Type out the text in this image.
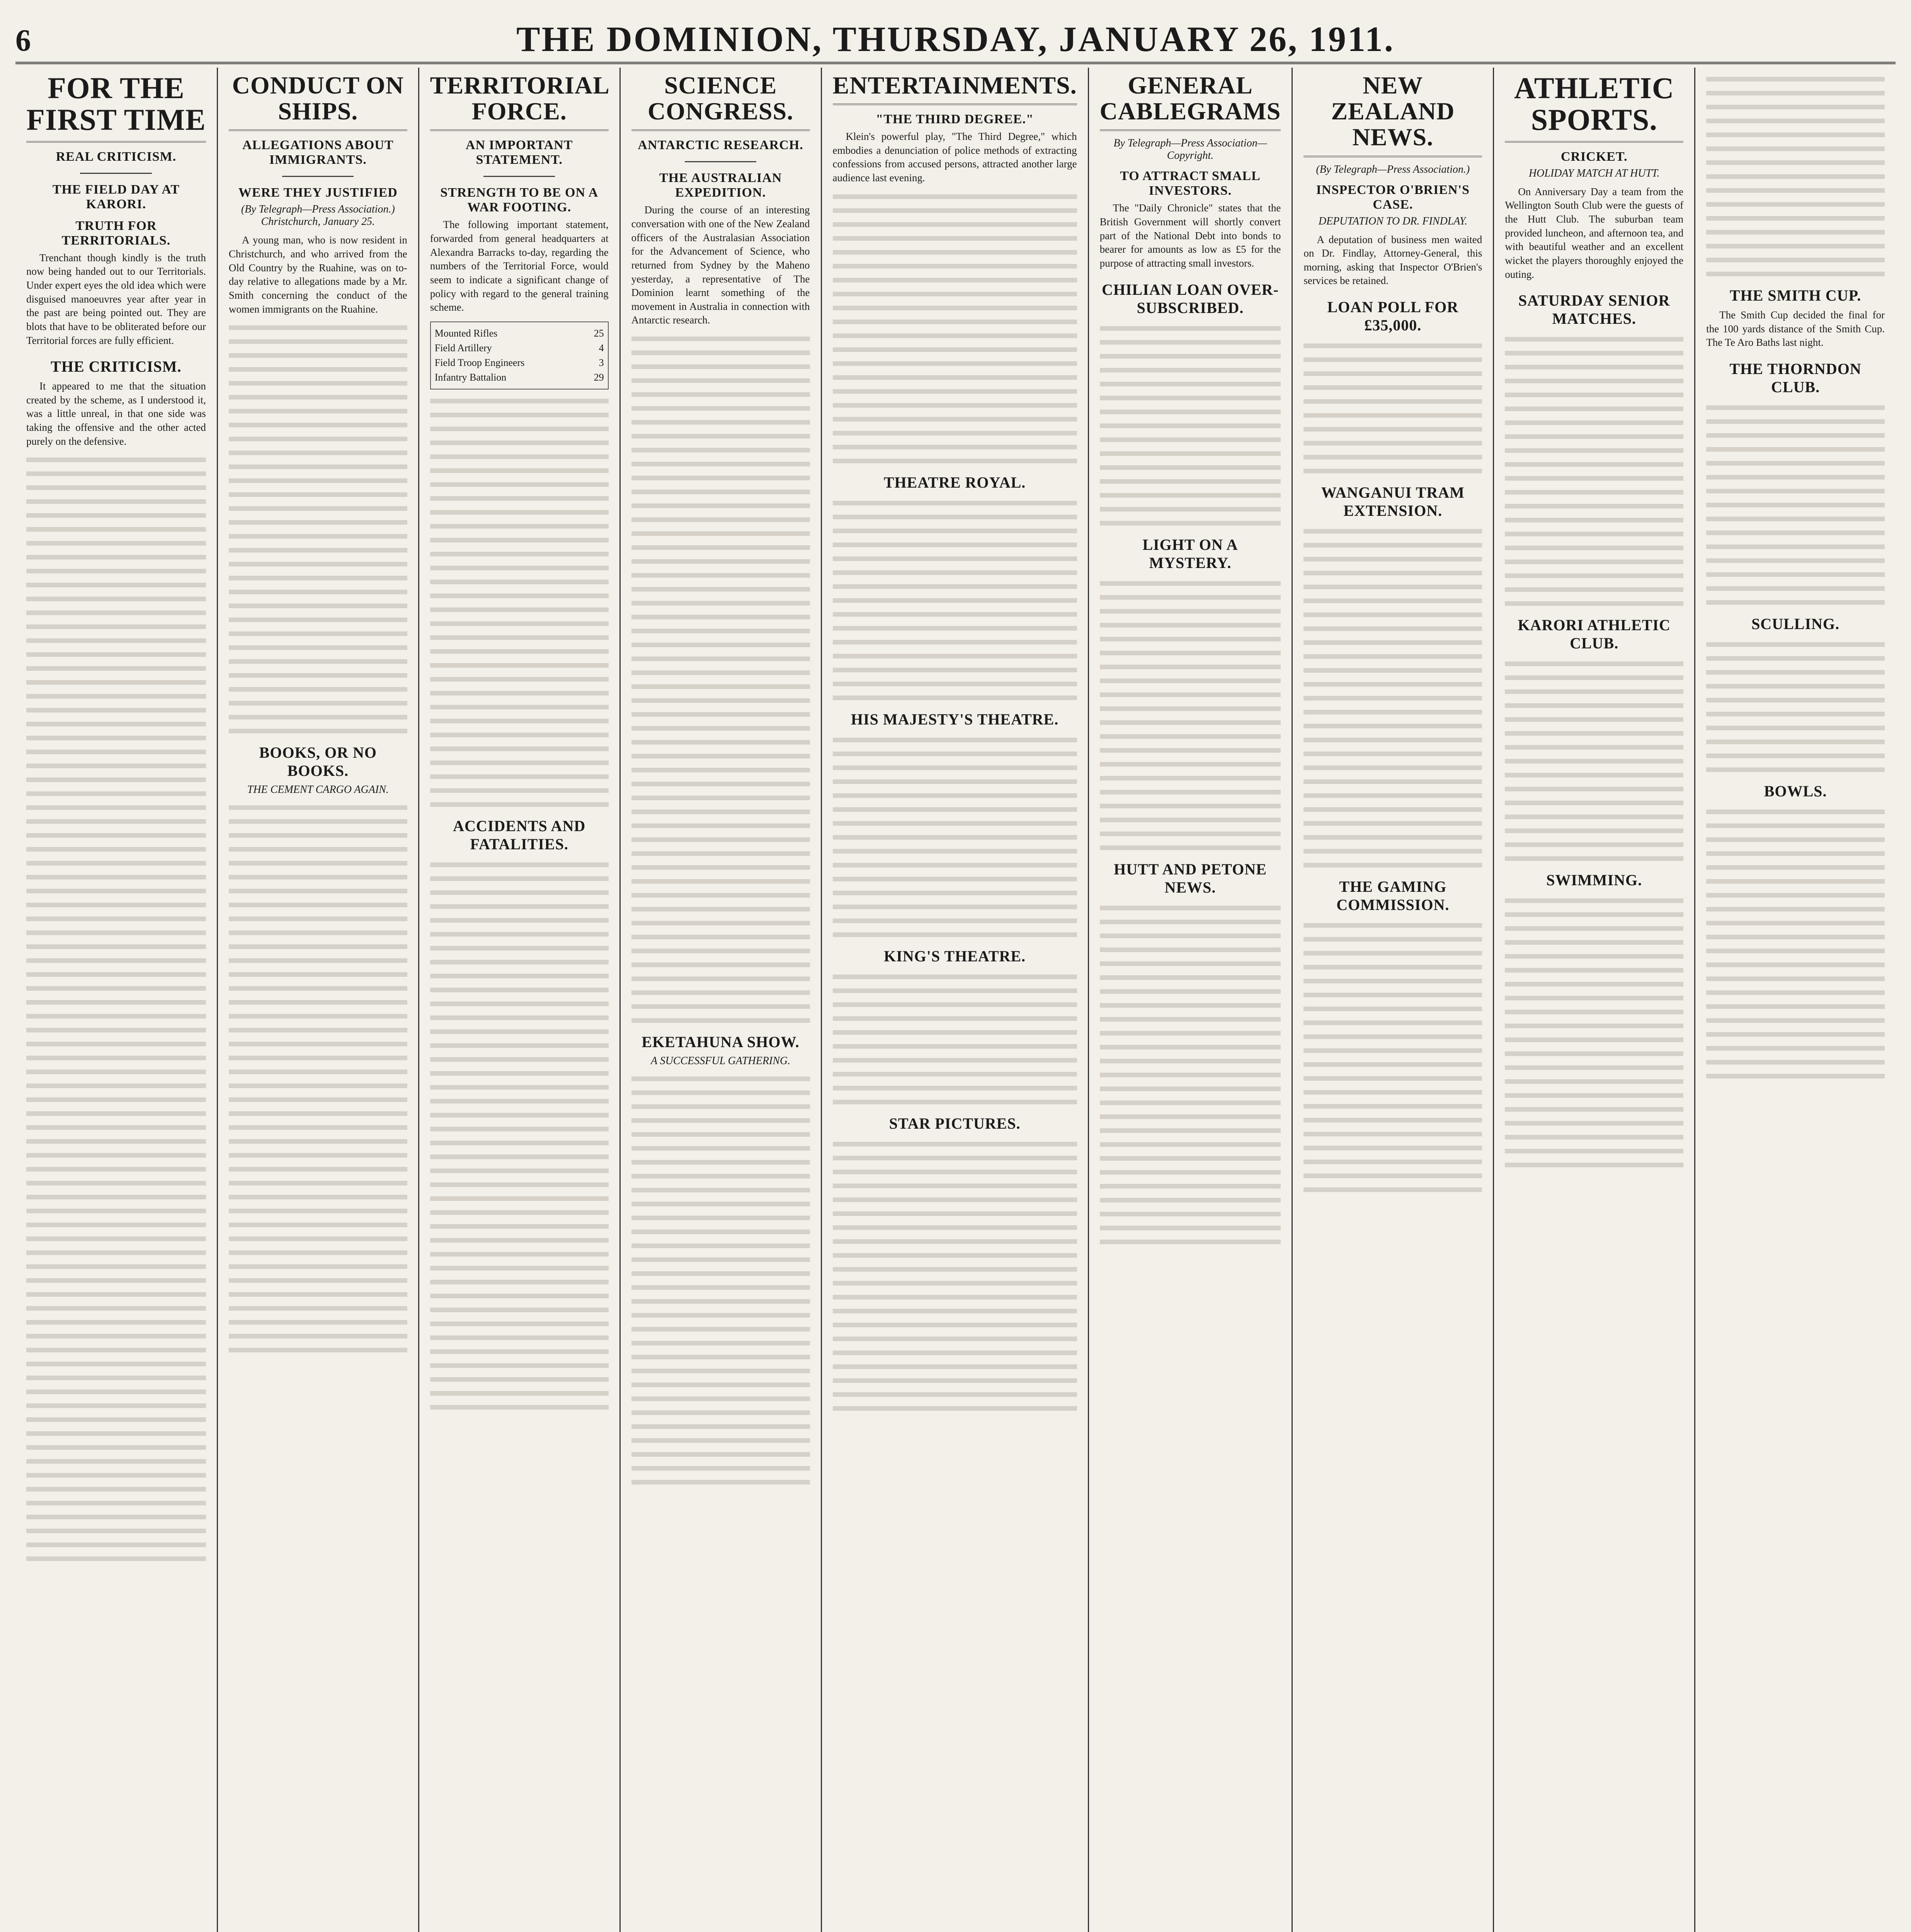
6	THE DOMINION, THURSDAY, JANUARY 26, 1911.
FOR THE FIRST TIME
REAL CRITICISM.
THE FIELD DAY AT KARORI.
TRUTH FOR TERRITORIALS.

Trenchant though kindly is the truth now being handed out to our Territorials. Under expert eyes the old idea which were disguised manoeuvres year after year in the past are being pointed out. They are blots that have to be obliterated before our Territorial forces are fully efficient.

THE CRITICISM.

It appeared to me that the situation created by the scheme, as I understood it, was a little unreal, in that one side was taking the offensive and the other acted purely on the defensive.

CONDUCT ON SHIPS.
ALLEGATIONS ABOUT IMMIGRANTS.
WERE THEY JUSTIFIED
(By Telegraph—Press Association.) Christchurch, January 25.

A young man, who is now resident in Christchurch, and who arrived from the Old Country by the Ruahine, was on to-day relative to allegations made by a Mr. Smith concerning the conduct of the women immigrants on the Ruahine.

BOOKS, OR NO BOOKS.
THE CEMENT CARGO AGAIN.
TERRITORIAL FORCE.
AN IMPORTANT STATEMENT.
STRENGTH TO BE ON A WAR FOOTING.

The following important statement, forwarded from general headquarters at Alexandra Barracks to-day, regarding the numbers of the Territorial Force, would seem to indicate a significant change of policy with regard to the general training scheme.

Mounted Rifles	25
Field Artillery	4
Field Troop Engineers	3
Infantry Battalion	29
ACCIDENTS AND FATALITIES.
SCIENCE CONGRESS.
ANTARCTIC RESEARCH.
THE AUSTRALIAN EXPEDITION.

During the course of an interesting conversation with one of the New Zealand officers of the Australasian Association for the Advancement of Science, who returned from Sydney by the Maheno yesterday, a representative of The Dominion learnt something of the movement in Australia in connection with Antarctic research.

EKETAHUNA SHOW.
A SUCCESSFUL GATHERING.
ENTERTAINMENTS.
"THE THIRD DEGREE."

Klein's powerful play, "The Third Degree," which embodies a denunciation of police methods of extracting confessions from accused persons, attracted another large audience last evening.

THEATRE ROYAL.
HIS MAJESTY'S THEATRE.
KING'S THEATRE.
STAR PICTURES.
GENERAL CABLEGRAMS
By Telegraph—Press Association—Copyright.
TO ATTRACT SMALL INVESTORS.

The "Daily Chronicle" states that the British Government will shortly convert part of the National Debt into bonds to bearer for amounts as low as £5 for the purpose of attracting small investors.

CHILIAN LOAN OVER-SUBSCRIBED.
LIGHT ON A MYSTERY.
HUTT AND PETONE NEWS.
NEW ZEALAND NEWS.
(By Telegraph—Press Association.)
INSPECTOR O'BRIEN'S CASE.
DEPUTATION TO DR. FINDLAY.

A deputation of business men waited on Dr. Findlay, Attorney-General, this morning, asking that Inspector O'Brien's services be retained.

LOAN POLL FOR £35,000.
WANGANUI TRAM EXTENSION.
THE GAMING COMMISSION.
ATHLETIC SPORTS.
CRICKET.
HOLIDAY MATCH AT HUTT.

On Anniversary Day a team from the Wellington South Club were the guests of the Hutt Club. The suburban team provided luncheon, and afternoon tea, and with beautiful weather and an excellent wicket the players thoroughly enjoyed the outing.

SATURDAY SENIOR MATCHES.
KARORI ATHLETIC CLUB.
SWIMMING.
THE SMITH CUP.

The Smith Cup decided the final for the 100 yards distance of the Smith Cup. The Te Aro Baths last night.

THE THORNDON CLUB.
SCULLING.
BOWLS.
